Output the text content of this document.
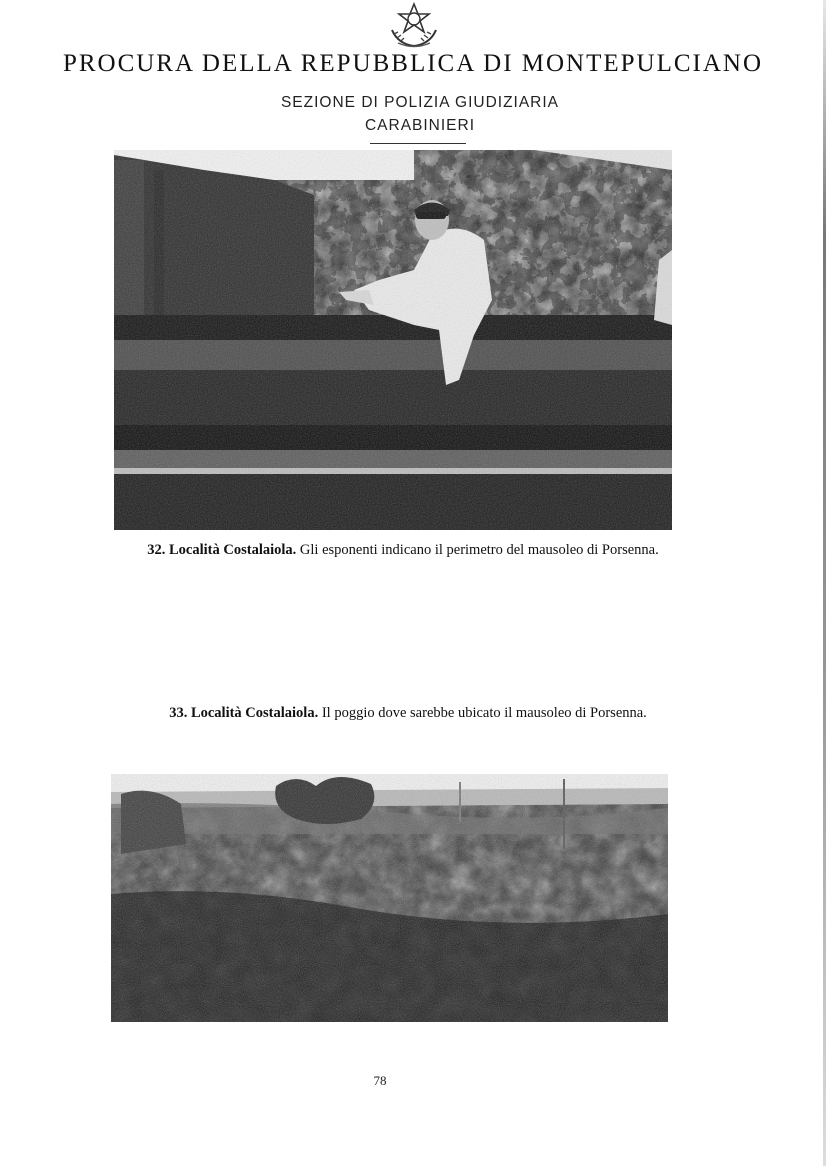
PROCURA DELLA REPUBBLICA DI MONTEPULCIANO

SEZIONE DI POLIZIA GIUDIZIARIA

CARABINIERI

32. Località Costalaiola. Gli esponenti indicano il perimetro del mausoleo di Porsenna.

33. Località Costalaiola. Il poggio dove sarebbe ubicato il mausoleo di Porsenna.

78
